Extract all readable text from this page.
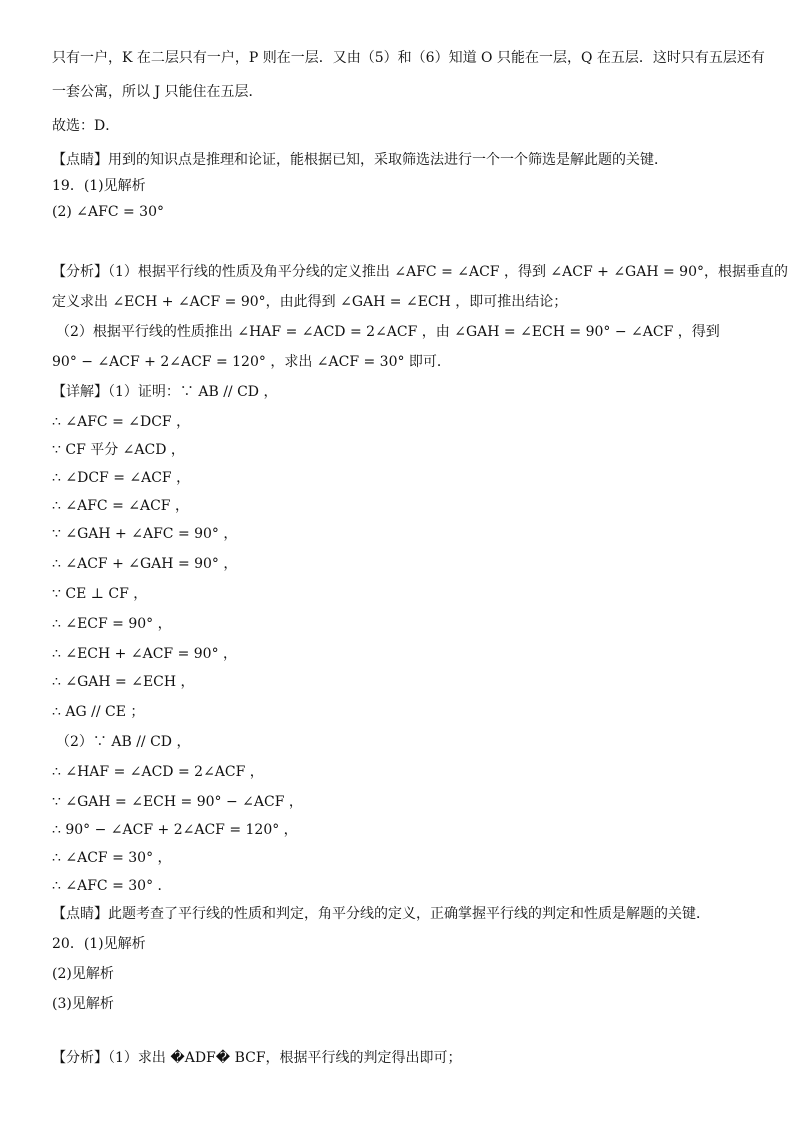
只有一户，K 在二层只有一户，P 则在一层．又由（5）和（6）知道 O 只能在一层，Q 在五层．这时只有五层还有
一套公寓，所以 J 只能住在五层．
故选：D．
【点睛】用到的知识点是推理和论证，能根据已知，采取筛选法进行一个一个筛选是解此题的关键．
19．(1)见解析
(2) ∠AFC = 30°
【分析】（1）根据平行线的性质及角平分线的定义推出 ∠AFC = ∠ACF ，得到 ∠ACF + ∠GAH = 90°，根据垂直的
定义求出 ∠ECH + ∠ACF = 90°，由此得到 ∠GAH = ∠ECH ，即可推出结论；
（2）根据平行线的性质推出 ∠HAF = ∠ACD = 2∠ACF ，由 ∠GAH = ∠ECH = 90° − ∠ACF ，得到
90° − ∠ACF + 2∠ACF = 120° ，求出 ∠ACF = 30° 即可．
【详解】（1）证明：∵ AB // CD ，
∴ ∠AFC = ∠DCF ，
∵ CF 平分 ∠ACD ，
∴ ∠DCF = ∠ACF ，
∴ ∠AFC = ∠ACF ，
∵ ∠GAH + ∠AFC = 90° ，
∴ ∠ACF + ∠GAH = 90° ，
∵ CE ⊥ CF ，
∴ ∠ECF = 90° ，
∴ ∠ECH + ∠ACF = 90° ，
∴ ∠GAH = ∠ECH ，
∴ AG // CE ；
（2）∵ AB // CD ，
∴ ∠HAF = ∠ACD = 2∠ACF ，
∵ ∠GAH = ∠ECH = 90° − ∠ACF ，
∴ 90° − ∠ACF + 2∠ACF = 120° ，
∴ ∠ACF = 30° ，
∴ ∠AFC = 30° ．
【点睛】此题考查了平行线的性质和判定，角平分线的定义，正确掌握平行线的判定和性质是解题的关键．
20．(1)见解析
(2)见解析
(3)见解析
【分析】（1）求出 �ADF� BCF，根据平行线的判定得出即可；
